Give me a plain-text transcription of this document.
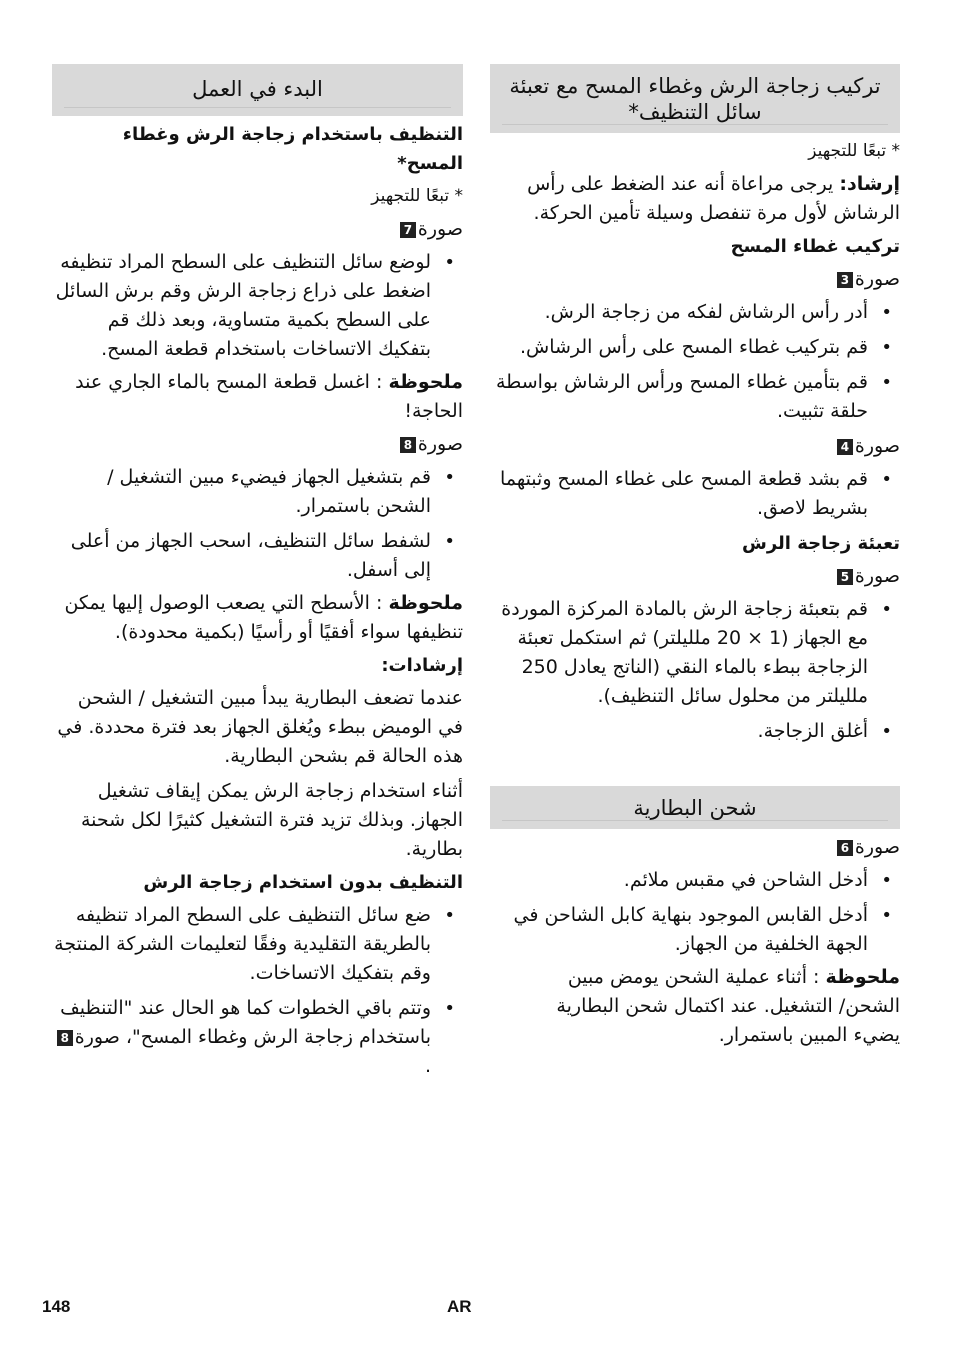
تركيب زجاجة الرش وغطاء المسح مع تعبئة سائل التنظيف*

* تبعًا للتجهيز

إرشاد: يرجى مراعاة أنه عند الضغط على رأس الرشاش لأول مرة تنفصل وسيلة تأمين الحركة.

تركيب غطاء المسح

صورة
3
• أدر رأس الرشاش لفكه من زجاجة الرش.
• قم بتركيب غطاء المسح على رأس الرشاش.
• قم بتأمين غطاء المسح ورأس الرشاش بواسطة حلقة تثبيت.
صورة
4
• قم بشد قطعة المسح على غطاء المسح وثبتهما بشريط لاصق.

تعبئة زجاجة الرش

صورة
5
• قم بتعبئة زجاجة الرش بالمادة المركزة الموردة مع الجهاز (1 × 20 ملليلتر) ثم استكمل تعبئة الزجاجة ببطء بالماء النقي (الناتج يعادل 250 ملليلتر من محلول سائل التنظيف).
• أغلق الزجاجة.
شحن البطارية
صورة
6
• أدخل الشاحن في مقبس ملائم.
• أدخل القابس الموجود بنهاية كابل الشاحن في الجهة الخلفية من الجهاز.

ملحوظة : أثناء عملية الشحن يومض مبين الشحن/ التشغيل. عند اكتمال شحن البطارية يضيء المبين باستمرار.

البدء في العمل

التنظيف باستخدام زجاجة الرش وغطاء المسح*

* تبعًا للتجهيز

صورة
7
• لوضع سائل التنظيف على السطح المراد تنظيفه اضغط على ذراع زجاجة الرش وقم برش السائل على السطح بكمية متساوية، وبعد ذلك قم بتفكيك الاتساخات باستخدام قطعة المسح.

ملحوظة : اغسل قطعة المسح بالماء الجاري عند الحاجة!

صورة
8
• قم بتشغيل الجهاز فيضيء مبين التشغيل / الشحن باستمرار.
• لشفط سائل التنظيف، اسحب الجهاز من أعلى إلى أسفل.

ملحوظة : الأسطح التي يصعب الوصول إليها يمكن تنظيفها سواء أفقيًا أو رأسيًا (بكمية محدودة).

إرشادات:

عندما تضعف البطارية يبدأ مبين التشغيل / الشحن في الوميض ببطء ويُغلق الجهاز بعد فترة محددة. في هذه الحالة قم بشحن البطارية.

أثناء استخدام زجاجة الرش يمكن إيقاف تشغيل الجهاز. وبذلك تزيد فترة التشغيل كثيرًا لكل شحنة بطارية.

التنظيف بدون استخدام زجاجة الرش

• ضع سائل التنظيف على السطح المراد تنظيفه بالطريقة التقليدية وفقًا لتعليمات الشركة المنتجة وقم بتفكيك الاتساخات.
• وتتم باقي الخطوات كما هو الحال عند "التنظيف باستخدام زجاجة الرش وغطاء المسح"، صورة8.
148	AR
